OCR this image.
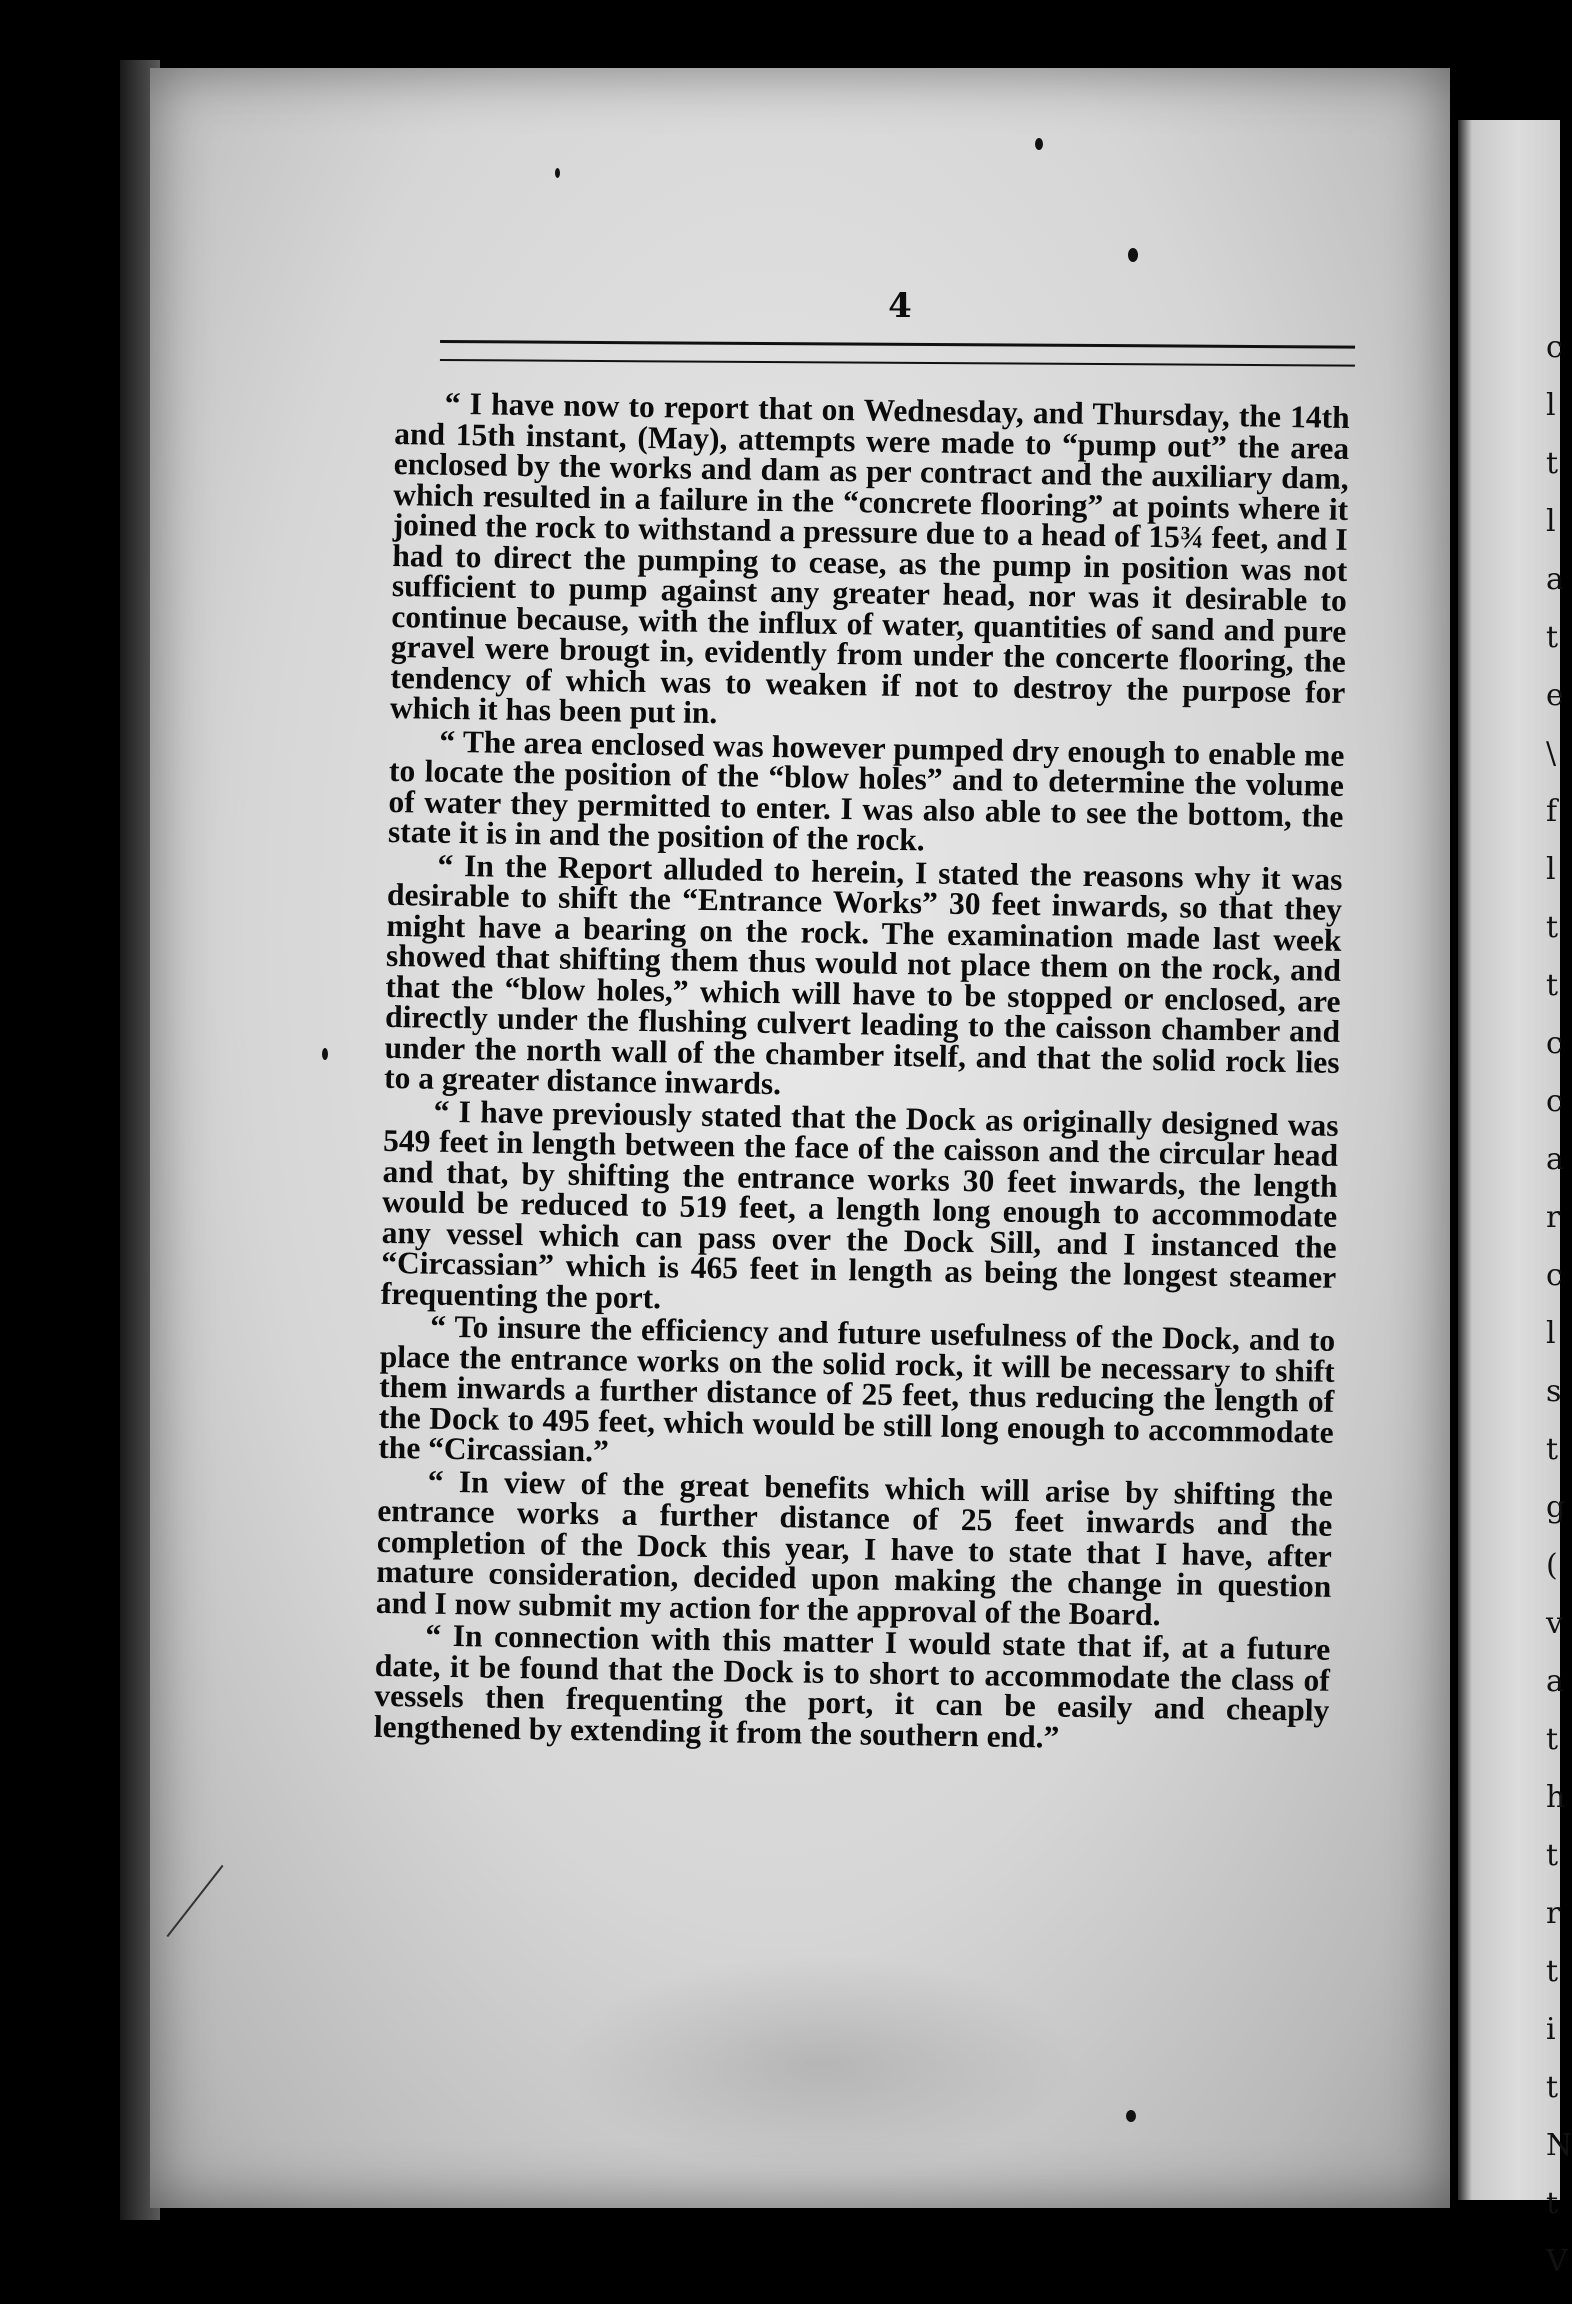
c
l
t
l
a
t
e
\
f
l
t
t
c
c
a
r
c
l
s
t
g
(
v
a
t
h
t
r
t
i
t
N
t
V
4

“ I have now to report that on Wednesday, and Thursday, the 14th and 15th instant, (May), attempts were made to “pump out” the area enclosed by the works and dam as per contract and the auxiliary dam, which resulted in a failure in the “concrete flooring” at points where it joined the rock to withstand a pressure due to a head of 15¾ feet, and I had to direct the pumping to cease, as the pump in position was not sufficient to pump against any greater head, nor was it desirable to continue because, with the influx of water, quantities of sand and pure gravel were brougt in, evidently from under the concerte flooring, the tendency of which was to weaken if not to destroy the purpose for which it has been put in.

“ The area enclosed was however pumped dry enough to enable me to locate the position of the “blow holes” and to determine the volume of water they permitted to enter. I was also able to see the bottom, the state it is in and the position of the rock.

“ In the Report alluded to herein, I stated the reasons why it was desirable to shift the “Entrance Works” 30 feet inwards, so that they might have a bearing on the rock. The examination made last week showed that shifting them thus would not place them on the rock, and that the “blow holes,” which will have to be stopped or enclosed, are directly under the flushing culvert leading to the caisson chamber and under the north wall of the chamber itself, and that the solid rock lies to a greater distance inwards.

“ I have previously stated that the Dock as originally designed was 549 feet in length between the face of the caisson and the circular head and that, by shifting the entrance works 30 feet inwards, the length would be reduced to 519 feet, a length long enough to accommodate any vessel which can pass over the Dock Sill, and I instanced the “Circassian” which is 465 feet in length as being the longest steamer frequenting the port.

“ To insure the efficiency and future usefulness of the Dock, and to place the entrance works on the solid rock, it will be necessary to shift them inwards a further distance of 25 feet, thus reducing the length of the Dock to 495 feet, which would be still long enough to accommodate the “Circassian.”

“ In view of the great benefits which will arise by shifting the entrance works a further distance of 25 feet inwards and the completion of the Dock this year, I have to state that I have, after mature consideration, decided upon making the change in question and I now submit my action for the approval of the Board.

“ In connection with this matter I would state that if, at a future date, it be found that the Dock is to short to accommodate the class of vessels then frequenting the port, it can be easily and cheaply lengthened by extending it from the southern end.”
